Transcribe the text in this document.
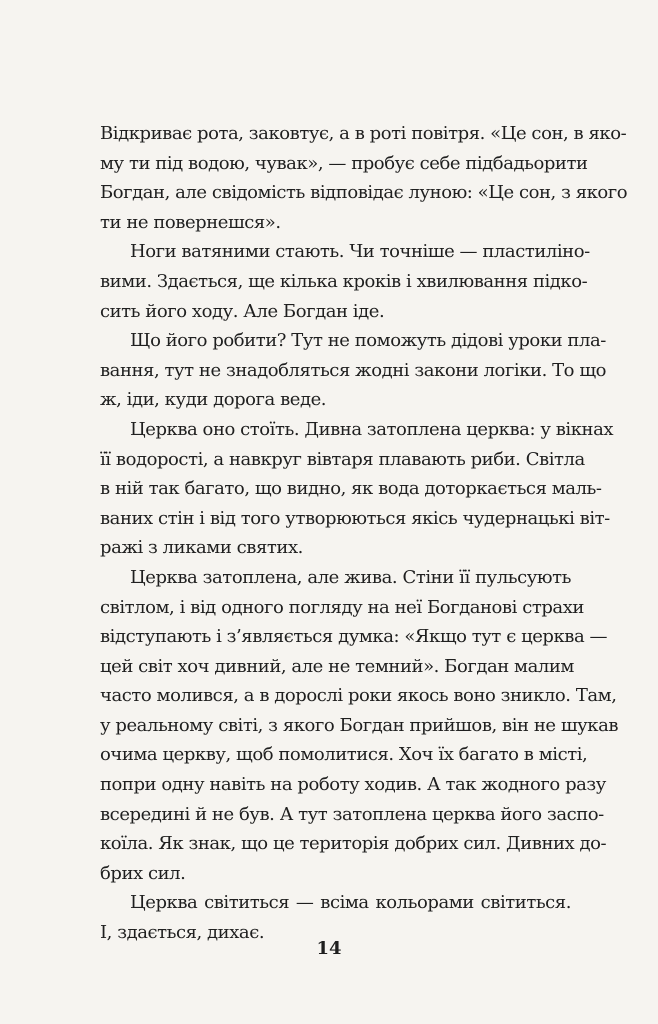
Відкриває рота, заковтує, а в роті повітря. «Це сон, в яко-
му ти під водою, чувак», — пробує себе підбадьорити
Богдан, але свідомість відповідає луною: «Це сон, з якого
ти не повернешся».
Ноги ватяними стають. Чи точніше — пластиліно-
вими. Здається, ще кілька кроків і хвилювання підко-
сить його ходу. Але Богдан іде.
Що його робити? Тут не поможуть дідові уроки пла-
вання, тут не знадобляться жодні закони логіки. То що
ж, іди, куди дорога веде.
Церква оно стоїть. Дивна затоплена церква: у вікнах
її водорості, а навкруг вівтаря плавають риби. Світла
в ній так багато, що видно, як вода доторкається маль-
ваних стін і від того утворюються якісь чудернацькі віт-
ражі з ликами святих.
Церква затоплена, але жива. Стіни її пульсують
світлом, і від одного погляду на неї Богданові страхи
відступають і з’являється думка: «Якщо тут є церква —
цей світ хоч дивний, але не темний». Богдан малим
часто молився, а в дорослі роки якось воно зникло. Там,
у реальному світі, з якого Богдан прийшов, він не шукав
очима церкву, щоб помолитися. Хоч їх багато в місті,
попри одну навіть на роботу ходив. А так жодного разу
всередині й не був. А тут затоплена церква його заспо-
коїла. Як знак, що це територія добрих сил. Дивних до-
брих сил.
Церква світиться — всіма кольорами світиться.
І, здається, дихає.
14
